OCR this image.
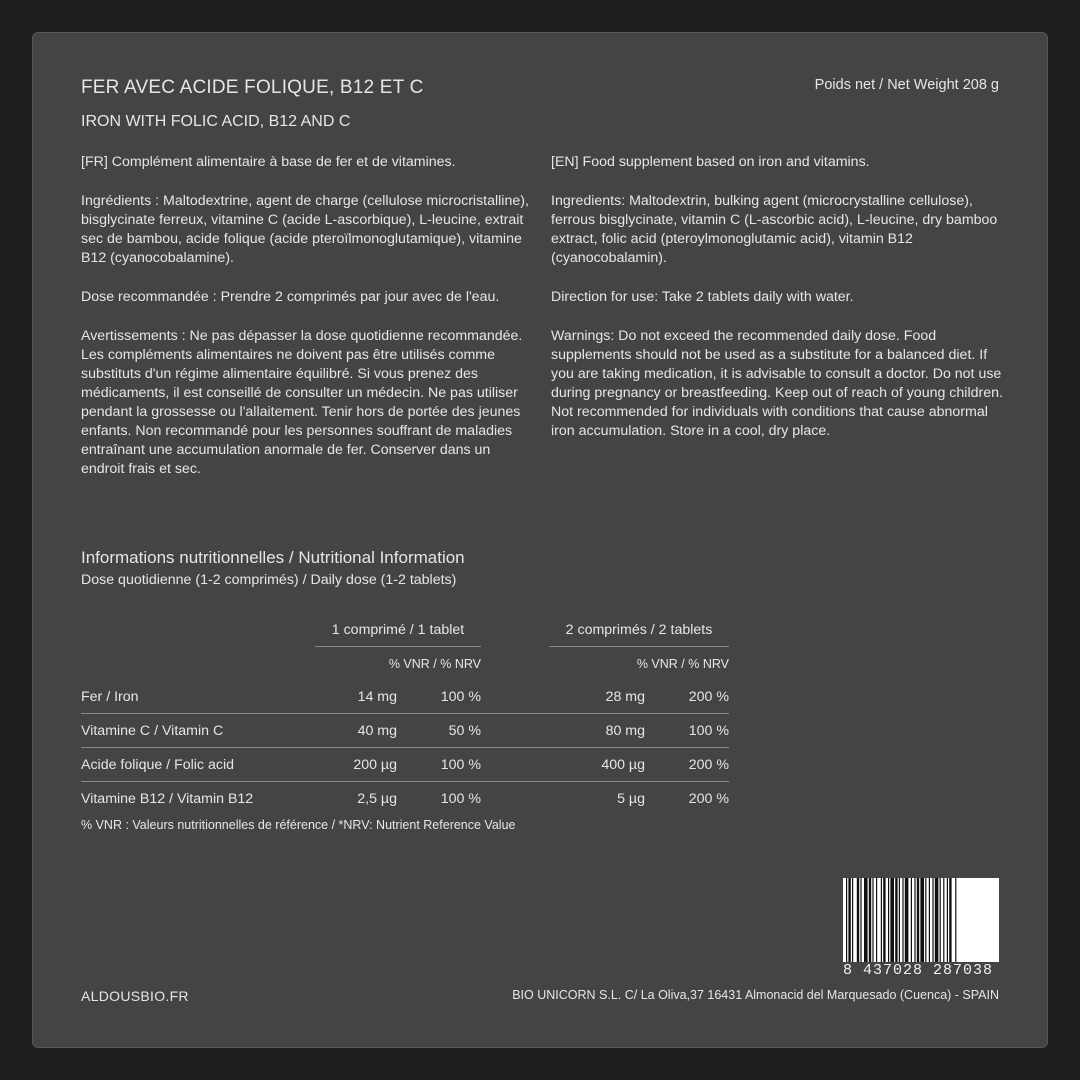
FER AVEC ACIDE FOLIQUE, B12 ET C
IRON WITH FOLIC ACID, B12 AND C
Poids net / Net Weight 208 g

[FR] Complément alimentaire à base de fer et de vitamines.

Ingrédients : Maltodextrine, agent de charge (cellulose microcristalline), bisglycinate ferreux, vitamine C (acide L-ascorbique), L-leucine, extrait sec de bambou, acide folique (acide pteroïlmonoglutamique), vitamine B12 (cyanocobalamine).

Dose recommandée : Prendre 2 comprimés par jour avec de l'eau.

Avertissements : Ne pas dépasser la dose quotidienne recommandée. Les compléments alimentaires ne doivent pas être utilisés comme substituts d'un régime alimentaire équilibré. Si vous prenez des médicaments, il est conseillé de consulter un médecin. Ne pas utiliser pendant la grossesse ou l'allaitement. Tenir hors de portée des jeunes enfants. Non recommandé pour les personnes souffrant de maladies entraînant une accumulation anormale de fer. Conserver dans un endroit frais et sec.

[EN] Food supplement based on iron and vitamins.

Ingredients: Maltodextrin, bulking agent (microcrystalline cellulose), ferrous bisglycinate, vitamin C (L-ascorbic acid), L-leucine, dry bamboo extract, folic acid (pteroylmonoglutamic acid), vitamin B12 (cyanocobalamin).

Direction for use: Take 2 tablets daily with water.

Warnings: Do not exceed the recommended daily dose. Food supplements should not be used as a substitute for a balanced diet. If you are taking medication, it is advisable to consult a doctor. Do not use during pregnancy or breastfeeding. Keep out of reach of young children. Not recommended for individuals with conditions that cause abnormal iron accumulation. Store in a cool, dry place.

Informations nutritionnelles / Nutritional Information
Dose quotidienne (1-2 comprimés) / Daily dose (1-2 tablets)
	1 comprimé / 1 tablet			2 comprimés / 2 tablets	
	% VNR / % NRV			% VNR / % NRV	
Fer / Iron	14 mg	100 %		28 mg	200 %
Vitamine C / Vitamin C	40 mg	50 %		80 mg	100 %
Acide folique / Folic acid	200 µg	100 %		400 µg	200 %
Vitamine B12 / Vitamin B12	2,5 µg	100 %		5 µg	200 %
% VNR : Valeurs nutritionnelles de référence / *NRV: Nutrient Reference Value
8 437028 287038
ALDOUSBIO.FR	BIO UNICORN S.L. C/ La Oliva,37 16431 Almonacid del Marquesado (Cuenca) - SPAIN
